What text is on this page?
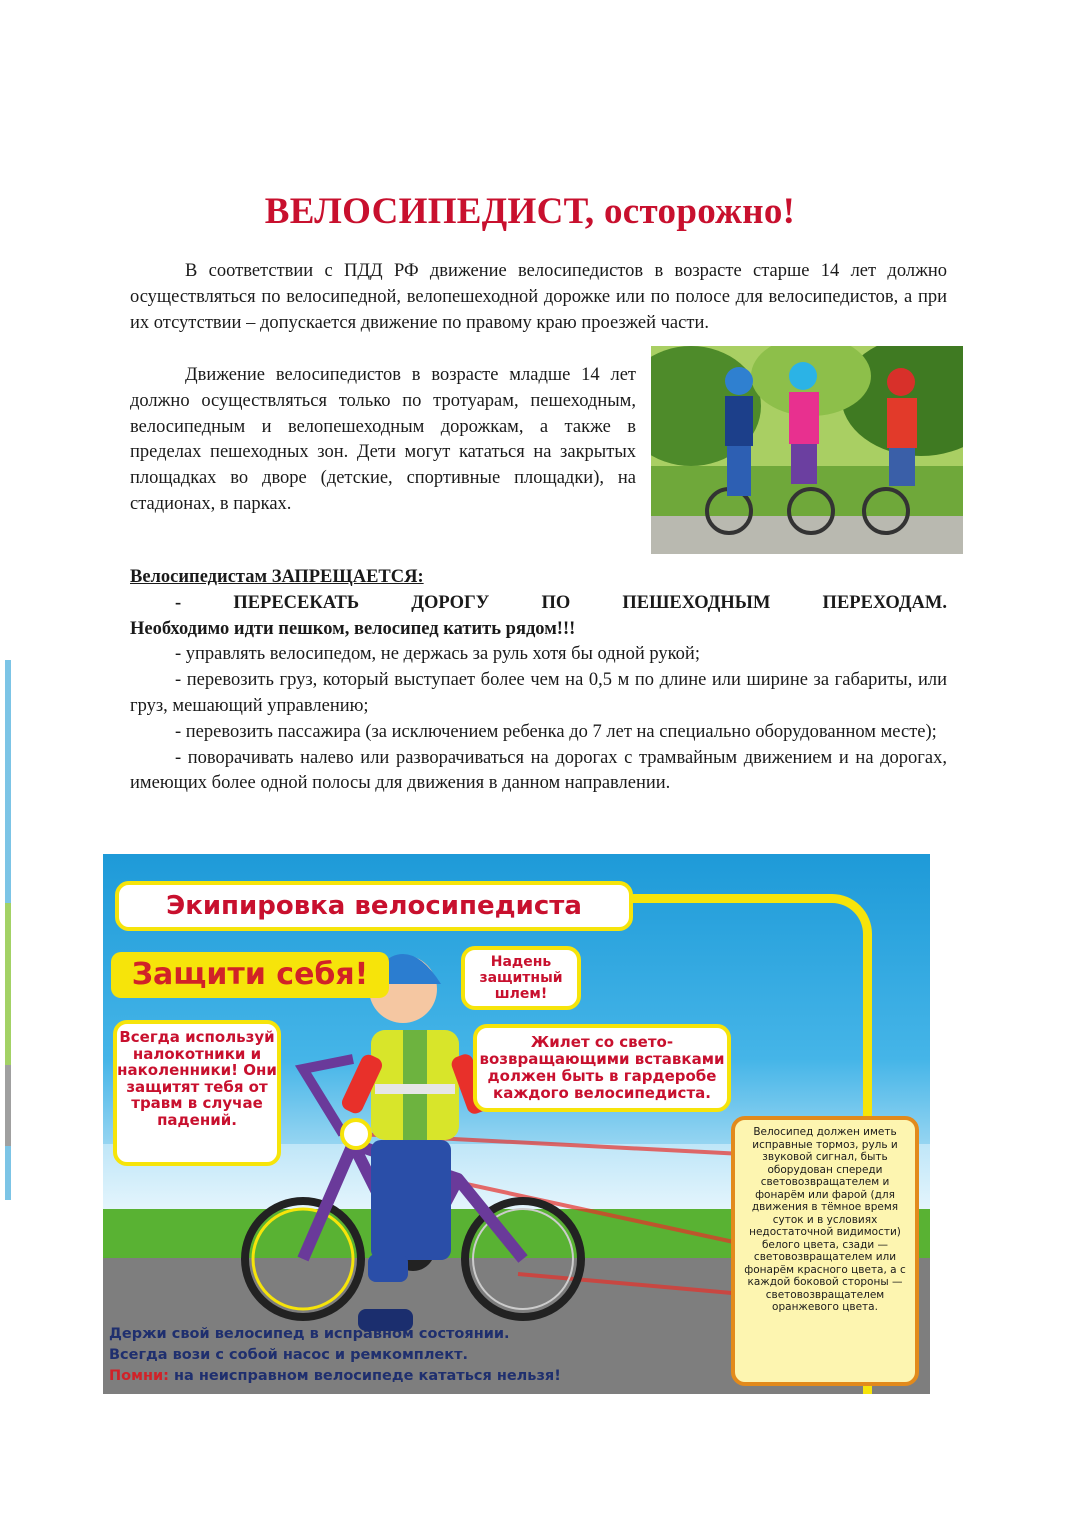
ВЕЛОСИПЕДИСТ, осторожно!
В соответствии с ПДД РФ движение велосипедистов в возрасте старше 14 лет должно осуществляться по велосипедной, велопешеходной дорожке или по полосе для велосипедистов, а при их отсутствии – допускается движение по правому краю проезжей части.
Движение велосипедистов в возрасте младше 14 лет должно осуществляться только по тротуарам, пешеходным, велосипедным и велопешеходным дорожкам, а также в пределах пешеходных зон. Дети могут кататься на закрытых площадках во дворе (детские, спортивные площадки), на стадионах, в парках.
Велосипедистам ЗАПРЕЩАЕТСЯ:
- ПЕРЕСЕКАТЬ ДОРОГУ ПО ПЕШЕХОДНЫМ ПЕРЕХОДАМ.
Необходимо идти пешком, велосипед катить рядом!!!
- управлять велосипедом, не держась за руль хотя бы одной рукой;
- перевозить груз, который выступает более чем на 0,5 м по длине или ширине за габариты, или груз, мешающий управлению;
- перевозить пассажира (за исключением ребенка до 7 лет на специально оборудованном месте);
- поворачивать налево или разворачиваться на дорогах с трамвайным движением и на дорогах, имеющих более одной полосы для движения в данном направлении.
Экипировка велосипедиста
Защити себя!	Надень защитный шлем!
Всегда используй налокотники и наколенники! Они защитят тебя от травм в случае падений.
Жилет со свето-возвращающими вставками должен быть в гардеробе каждого велосипедиста.
Велосипед должен иметь исправные тормоз, руль и звуковой сигнал, быть оборудован спереди световозвращателем и фонарём или фарой (для движения в тёмное время суток и в условиях недостаточной видимости) белого цвета, сзади — световозвращателем или фонарём красного цвета, а с каждой боковой стороны — световозвращателем оранжевого цвета.
Держи свой велосипед в исправном состоянии.
Всегда вози с собой насос и ремкомплект.
Помни: на неисправном велосипеде кататься нельзя!
